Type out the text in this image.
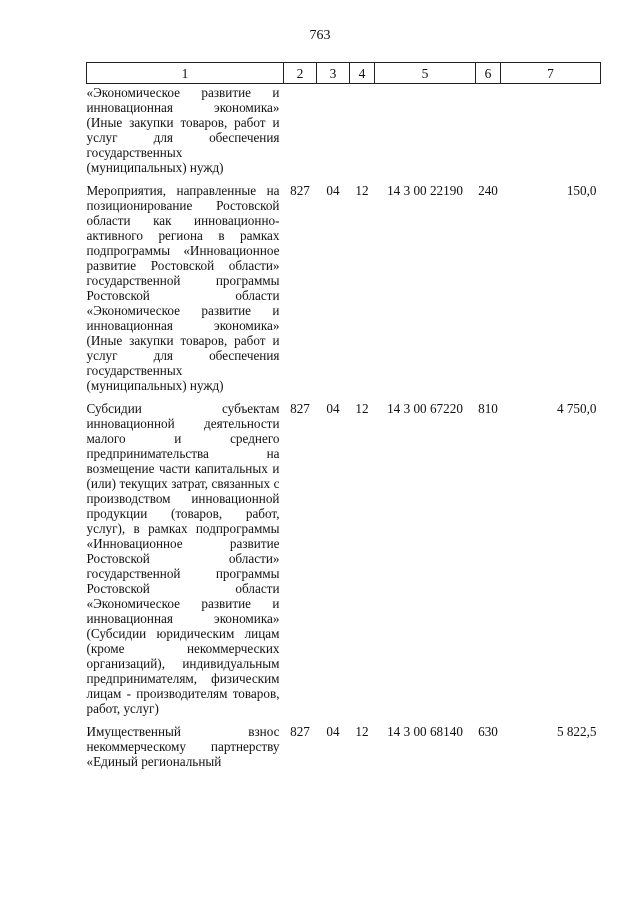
763
1	2	3	4	5	6	7
«Экономическое развитие и инновационная экономика» (Иные закупки товаров, работ и услуг для обеспечения государственных (муниципальных) нужд)						
Мероприятия, направленные на позиционирование Ростовской области как инновационно-активного региона в рамках подпрограммы «Инновационное развитие Ростовской области» государственной программы Ростовской области «Экономическое развитие и инновационная экономика» (Иные закупки товаров, работ и услуг для обеспечения государственных (муниципальных) нужд)	827	04	12	14 3 00 22190	240	150,0
Субсидии субъектам инновационной деятельности малого и среднего предпринимательства на возмещение части капитальных и (или) текущих затрат, связанных с производством инновационной продукции (товаров, работ, услуг), в рамках подпрограммы «Инновационное развитие Ростовской области» государственной программы Ростовской области «Экономическое развитие и инновационная экономика» (Субсидии юридическим лицам (кроме некоммерческих организаций), индивидуальным предпринимателям, физическим лицам - производителям товаров, работ, услуг)	827	04	12	14 3 00 67220	810	4 750,0
Имущественный взнос некоммерческому партнерству «Единый региональный	827	04	12	14 3 00 68140	630	5 822,5
